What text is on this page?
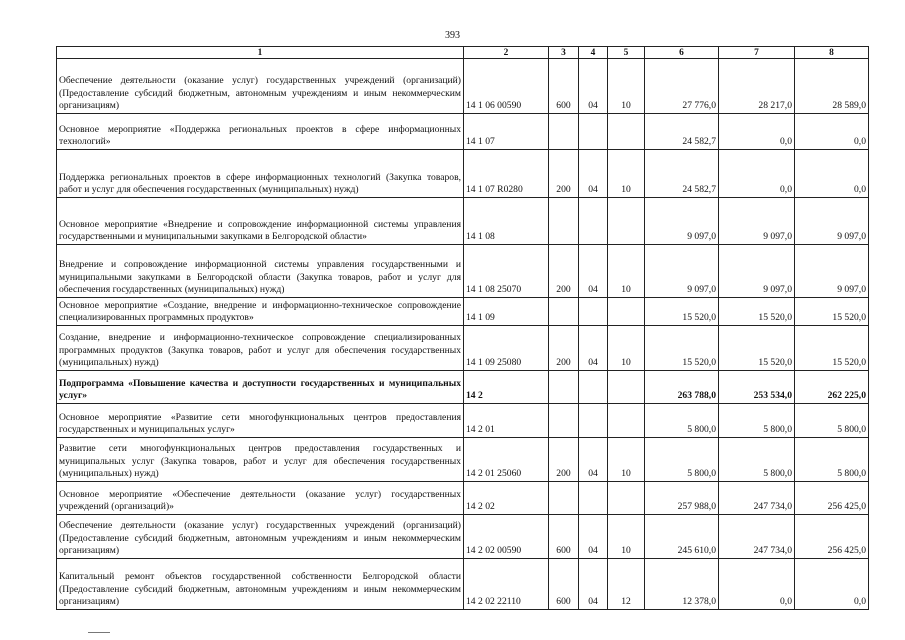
393
1	2	3	4	5	6	7	8
Обеспечение деятельности (оказание услуг) государственных учреждений (организаций) (Предоставление субсидий бюджетным, автономным учреждениям и иным некоммерческим организациям)	14 1 06 00590	600	04	10	27 776,0	28 217,0	28 589,0
Основное мероприятие «Поддержка региональных проектов в сфере информационных технологий»	14 1 07				24 582,7	0,0	0,0
Поддержка региональных проектов в сфере информационных технологий (Закупка товаров, работ и услуг для обеспечения государственных (муниципальных) нужд)	14 1 07 R0280	200	04	10	24 582,7	0,0	0,0
Основное мероприятие «Внедрение и сопровождение информационной системы управления государственными и муниципальными закупками в Белгородской области»	14 1 08				9 097,0	9 097,0	9 097,0
Внедрение и сопровождение информационной системы управления государственными и муниципальными закупками в Белгородской области (Закупка товаров, работ и услуг для обеспечения государственных (муниципальных) нужд)	14 1 08 25070	200	04	10	9 097,0	9 097,0	9 097,0
Основное мероприятие «Создание, внедрение и информационно-техническое сопровождение специализированных программных продуктов»	14 1 09				15 520,0	15 520,0	15 520,0
Создание, внедрение и информационно-техническое сопровождение специализированных программных продуктов (Закупка товаров, работ и услуг для обеспечения государственных (муниципальных) нужд)	14 1 09 25080	200	04	10	15 520,0	15 520,0	15 520,0
Подпрограмма «Повышение качества и доступности государственных и муниципальных услуг»	14 2				263 788,0	253 534,0	262 225,0
Основное мероприятие «Развитие сети многофункциональных центров предоставления государственных и муниципальных услуг»	14 2 01				5 800,0	5 800,0	5 800,0
Развитие сети многофункциональных центров предоставления государственных и муниципальных услуг (Закупка товаров, работ и услуг для обеспечения государственных (муниципальных) нужд)	14 2 01 25060	200	04	10	5 800,0	5 800,0	5 800,0
Основное мероприятие «Обеспечение деятельности (оказание услуг) государственных учреждений (организаций)»	14 2 02				257 988,0	247 734,0	256 425,0
Обеспечение деятельности (оказание услуг) государственных учреждений (организаций) (Предоставление субсидий бюджетным, автономным учреждениям и иным некоммерческим организациям)	14 2 02 00590	600	04	10	245 610,0	247 734,0	256 425,0
Капитальный ремонт объектов государственной собственности Белгородской области (Предоставление субсидий бюджетным, автономным учреждениям и иным некоммерческим организациям)	14 2 02 22110	600	04	12	12 378,0	0,0	0,0
